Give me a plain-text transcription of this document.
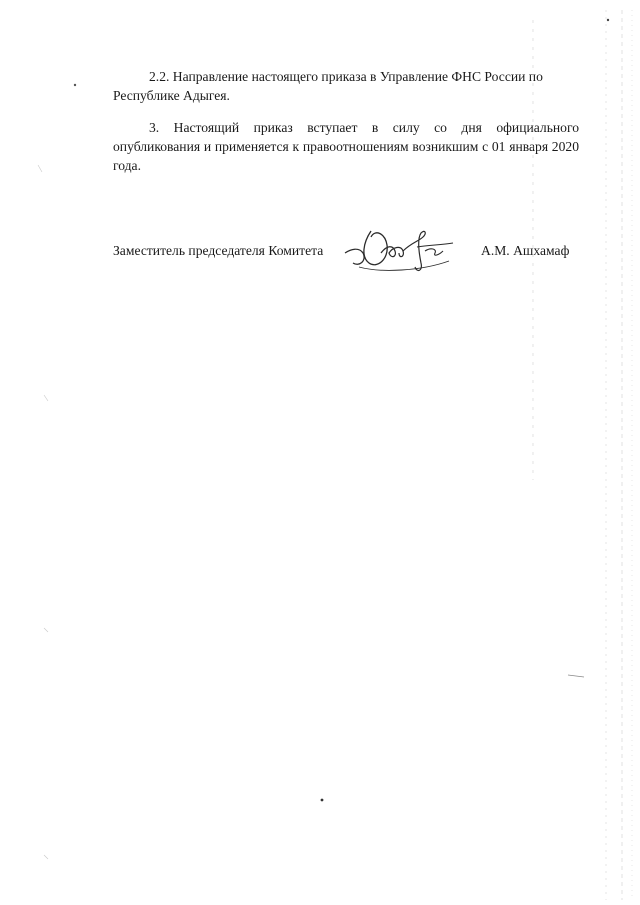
2.2. Направление настоящего приказа в Управление ФНС России по Республике Адыгея.
3. Настоящий приказ вступает в силу со дня официального опубликования и применяется к правоотношениям возникшим с 01 января 2020 года.
Заместитель председателя Комитета	А.М. Ашхамаф
